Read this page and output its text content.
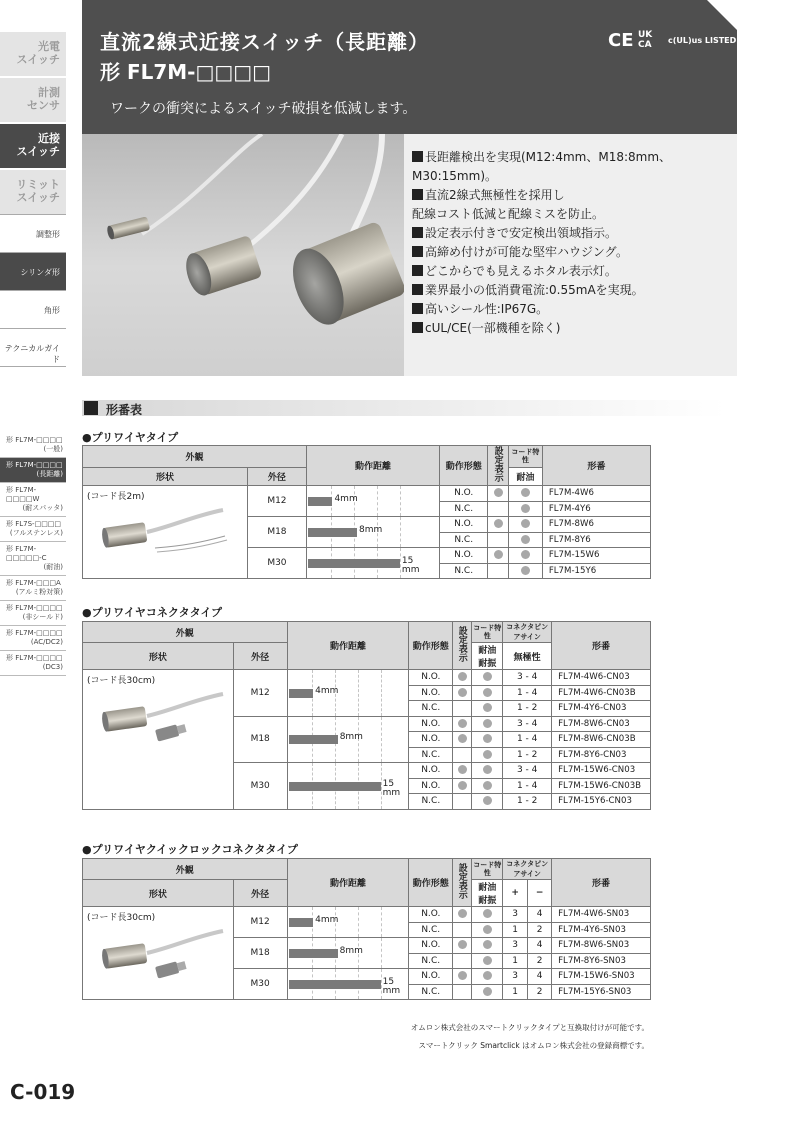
光電
スイッチ
計測
センサ
近接
スイッチ
リミット
スイッチ
調整形
シリンダ形
角形
テクニカルガイド
形 FL7M-□□□□
(一般)
形 FL7M-□□□□
(長距離)
形 FL7M-□□□□W
(耐スパッタ)
形 FL7S-□□□□
(フルステンレス)
形 FL7M-□□□□□-C
(耐油)
形 FL7M-□□□A
(アルミ粉対策)
形 FL7M-□□□□
(非シールド)
形 FL7M-□□□□
(AC/DC2)
形 FL7M-□□□□
(DC3)
直流2線式近接スイッチ（長距離）
形 FL7M-□□□□
ワークの衝突によるスイッチ破損を低減します。
CE UK
CA c(UL)us LISTED
長距離検出を実現(M12:4mm、M18:8mm、M30:15mm)。
直流2線式無極性を採用し
配線コスト低減と配線ミスを防止。
設定表示付きで安定検出領域指示。
高締め付けが可能な堅牢ハウジング。
どこからでも見えるホタル表示灯。
業界最小の低消費電流:0.55mAを実現。
高いシール性:IP67G。
cUL/CE(一部機種を除く)
形番表
●プリワイヤタイプ
外観		動作距離	動作形態	設定表示	コード特性	形番
形状	外径				耐油	

(コード長2m)	M12	4mm	N.O.			FL7M-4W6
			N.C.			FL7M-4Y6
	M18	8mm	N.O.			FL7M-8W6
			N.C.			FL7M-8Y6
	M30	15
mm	N.O.			FL7M-15W6
			N.C.			FL7M-15Y6
●プリワイヤコネクタタイプ
外観		動作距離	動作形態	設定表示	コード特性	コネクタピンアサイン	形番
形状	外径				耐油
耐振	無極性	

(コード長30cm)	M12	4mm	N.O.			3 - 4	FL7M-4W6-CN03
			N.O.			1 - 4	FL7M-4W6-CN03B
			N.C.			1 - 2	FL7M-4Y6-CN03
	M18	8mm	N.O.			3 - 4	FL7M-8W6-CN03
			N.O.			1 - 4	FL7M-8W6-CN03B
			N.C.			1 - 2	FL7M-8Y6-CN03
	M30	15
mm	N.O.			3 - 4	FL7M-15W6-CN03
			N.O.			1 - 4	FL7M-15W6-CN03B
			N.C.			1 - 2	FL7M-15Y6-CN03
●プリワイヤクイックロックコネクタタイプ
外観		動作距離	動作形態	設定表示	コード特性	コネクタピンアサイン		形番
形状	外径				耐油
耐振	+	−	

(コード長30cm)	M12	4mm	N.O.			3	4	FL7M-4W6-SN03
			N.C.			1	2	FL7M-4Y6-SN03
	M18	8mm	N.O.			3	4	FL7M-8W6-SN03
			N.C.			1	2	FL7M-8Y6-SN03
	M30	15
mm	N.O.			3	4	FL7M-15W6-SN03
			N.C.			1	2	FL7M-15Y6-SN03
オムロン株式会社のスマートクリックタイプと互換取付けが可能です。
スマートクリック Smartclick はオムロン株式会社の登録商標です。
C-019
